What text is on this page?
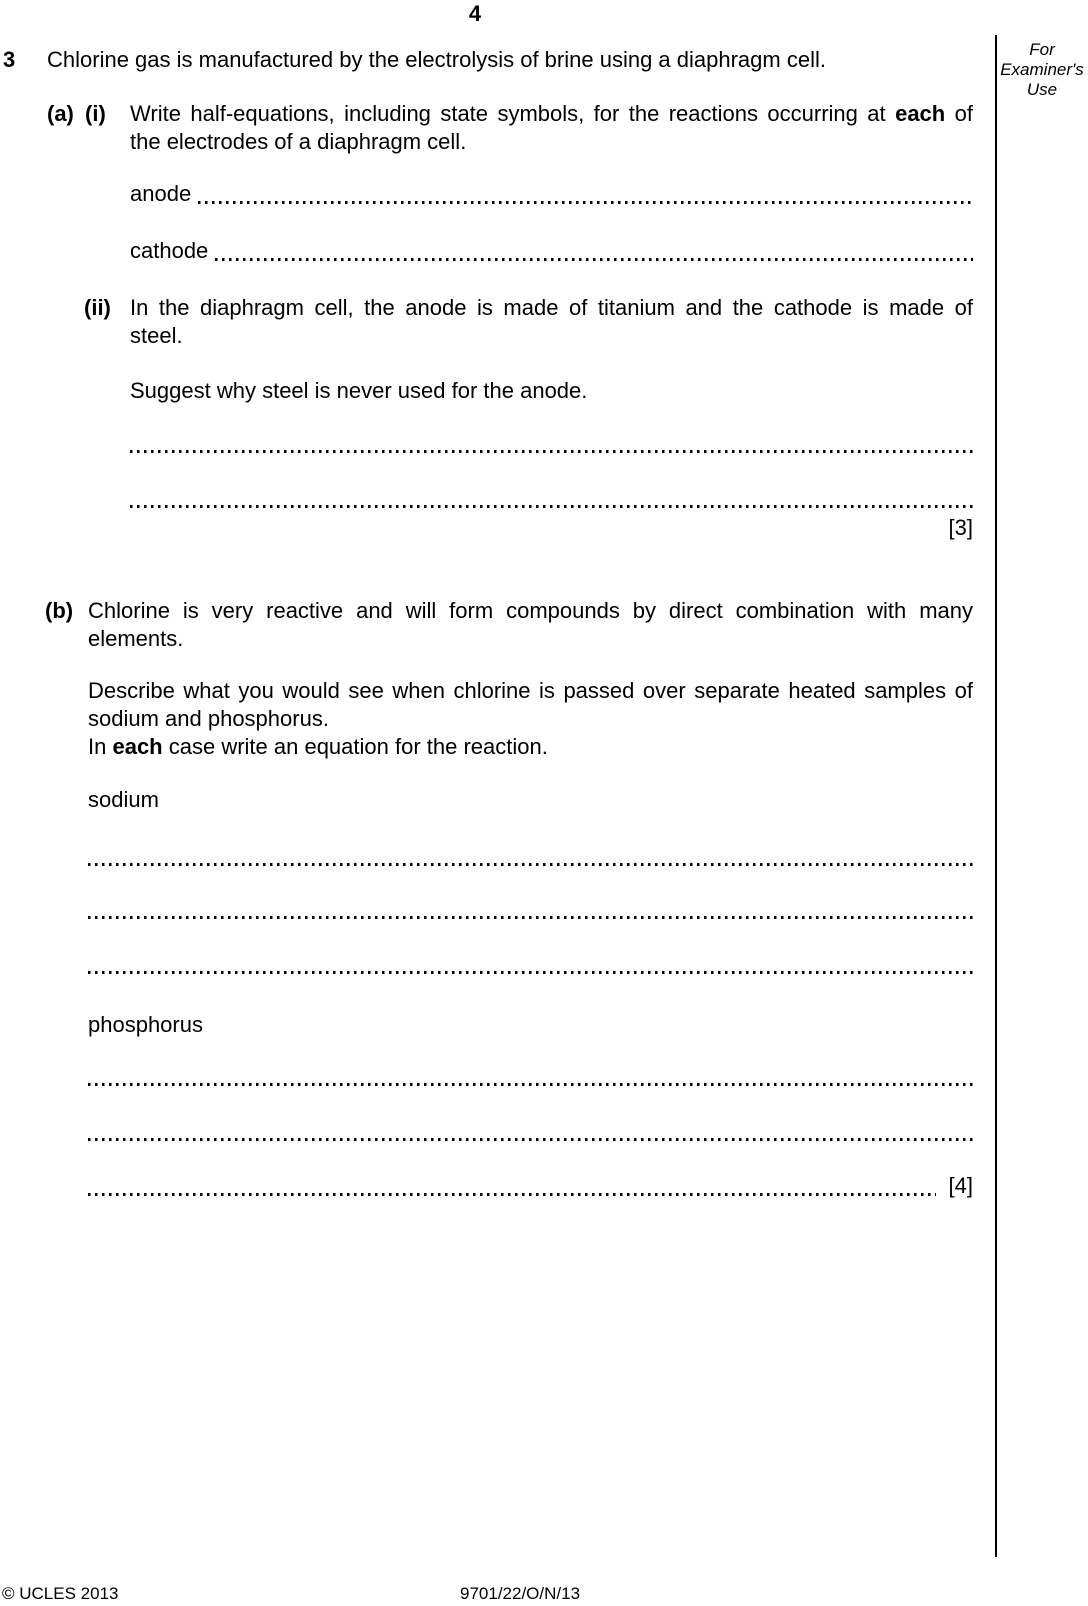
4
For
Examiner's
Use
3 Chlorine gas is manufactured by the electrolysis of brine using a diaphragm cell.
(a) (i) Write half-equations, including state symbols, for the reactions occurring at each of
the electrodes of a diaphragm cell.
anode
cathode
(ii) In the diaphragm cell, the anode is made of titanium and the cathode is made of
steel.
Suggest why steel is never used for the anode.
[3]
(b) Chlorine is very reactive and will form compounds by direct combination with many
elements.
Describe what you would see when chlorine is passed over separate heated samples of
sodium and phosphorus.
In each case write an equation for the reaction.
sodium
phosphorus
[4]
© UCLES 2013	9701/22/O/N/13
